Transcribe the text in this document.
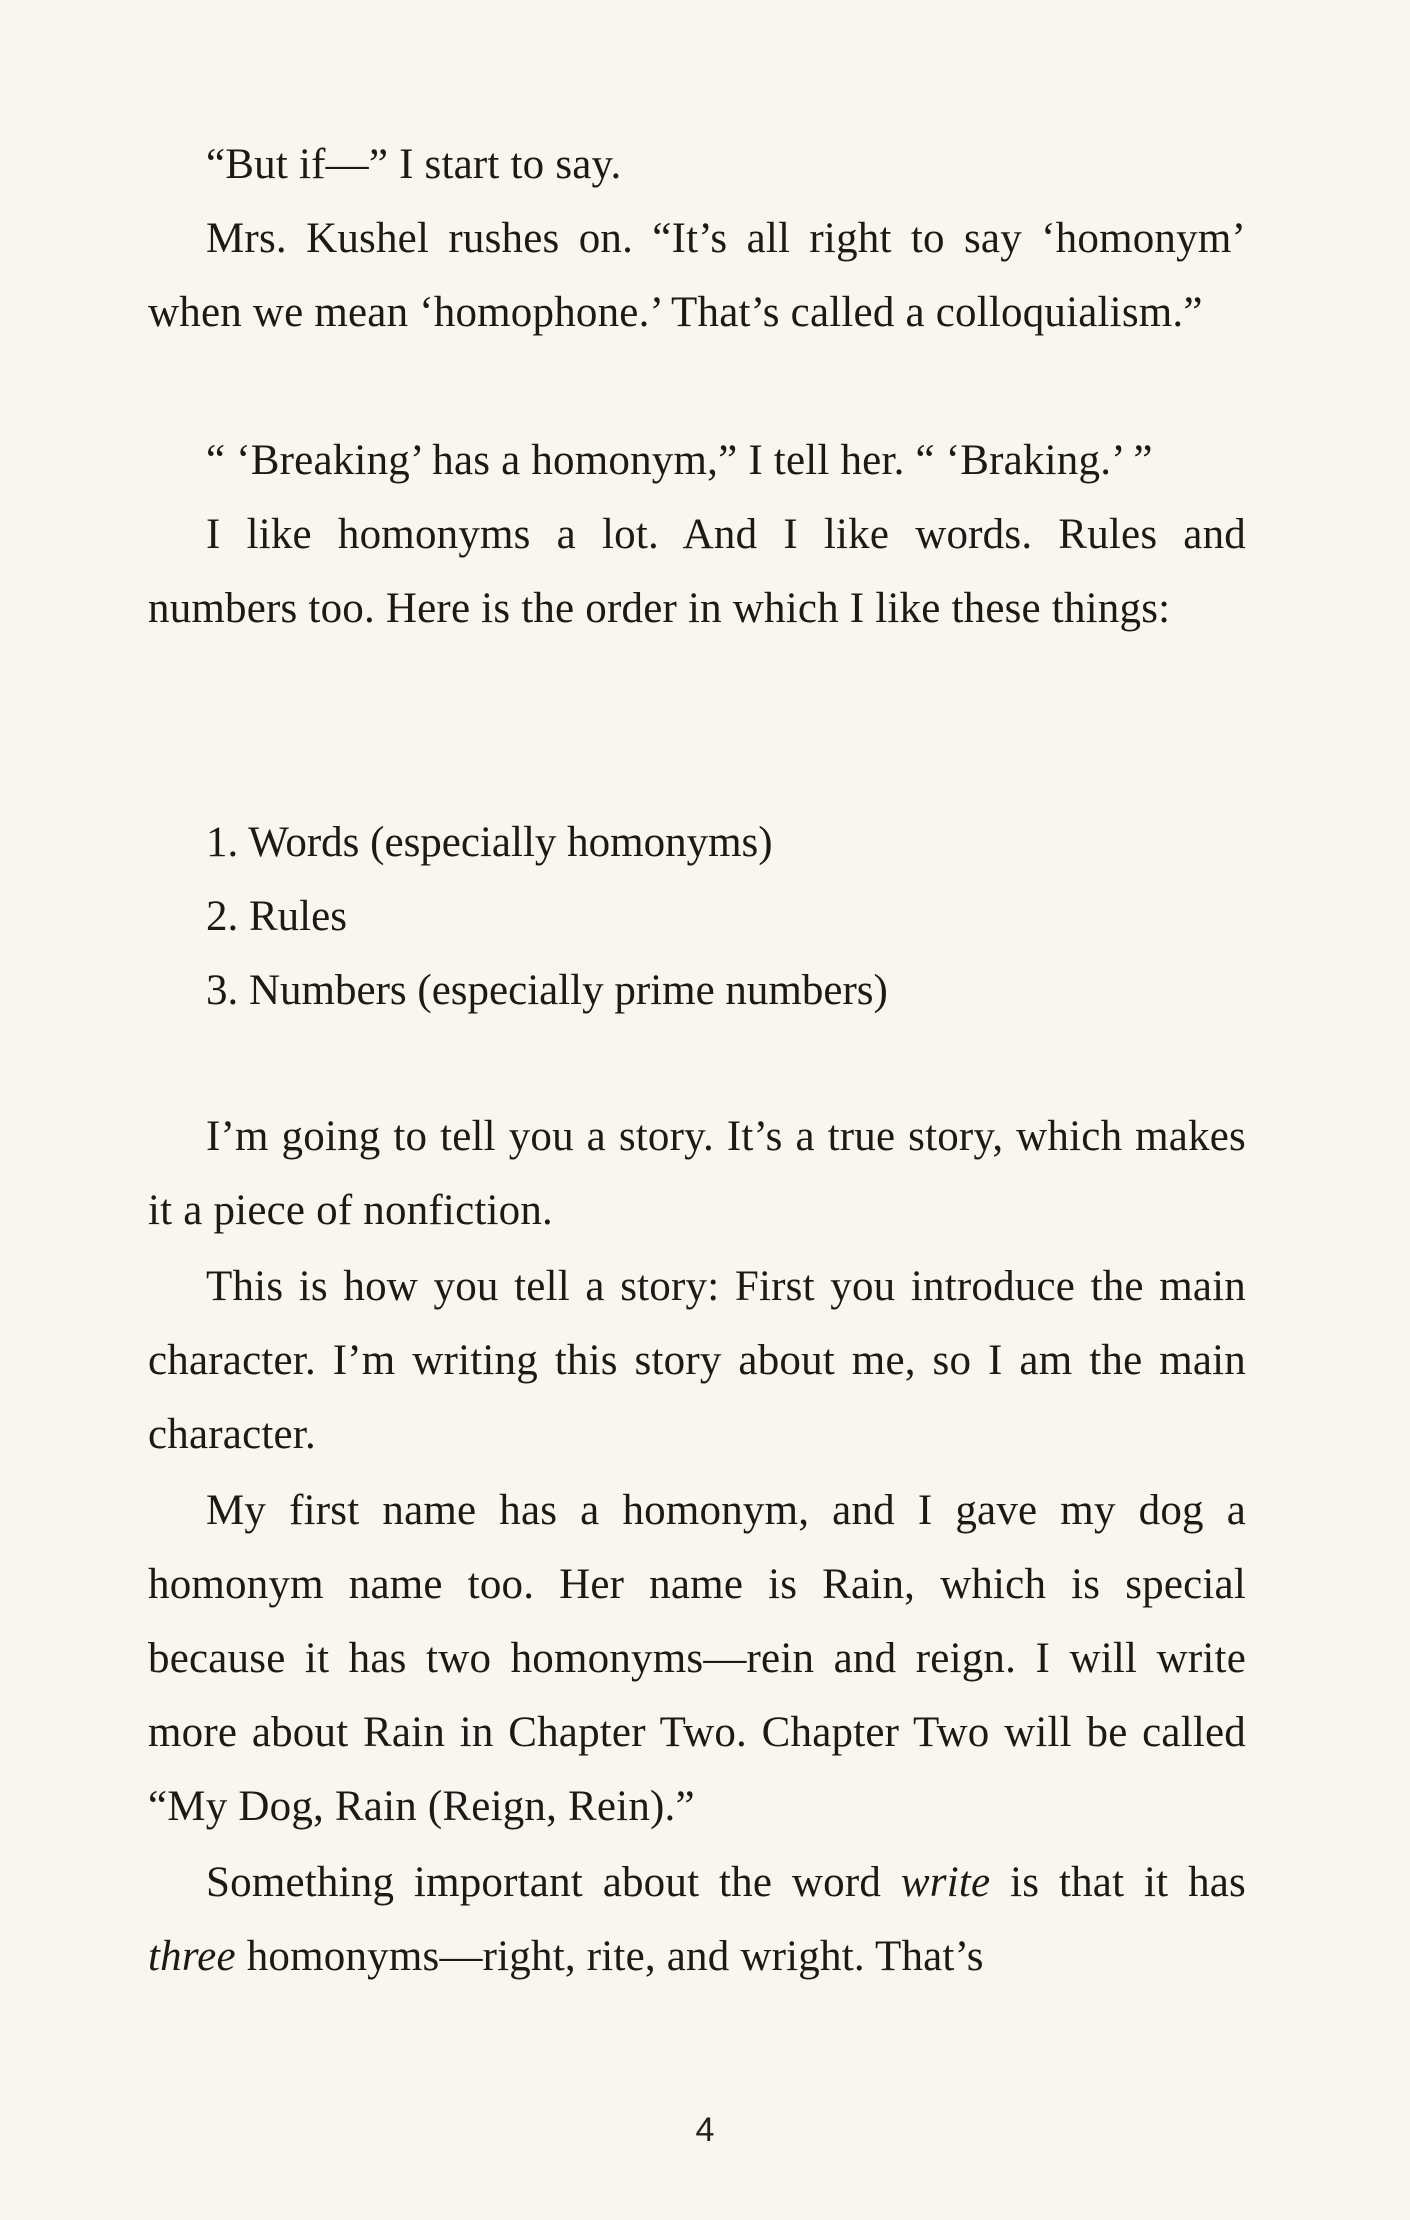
“But if—” I start to say.

Mrs. Kushel rushes on. “It’s all right to say ‘homonym’ when we mean ‘homophone.’ That’s called a colloquialism.”

“ ‘Breaking’ has a homonym,” I tell her. “ ‘Braking.’ ”

I like homonyms a lot. And I like words. Rules and numbers too. Here is the order in which I like these things:

1. Words (especially homonyms)

2. Rules

3. Numbers (especially prime numbers)

I’m going to tell you a story. It’s a true story, which makes it a piece of nonfiction.

This is how you tell a story: First you introduce the main character. I’m writing this story about me, so I am the main character.

My first name has a homonym, and I gave my dog a homonym name too. Her name is Rain, which is special because it has two homonyms—rein and reign. I will write more about Rain in Chapter Two. Chapter Two will be called “My Dog, Rain (Reign, Rein).”

Something important about the word write is that it has three homonyms—right, rite, and wright. That’s

4
